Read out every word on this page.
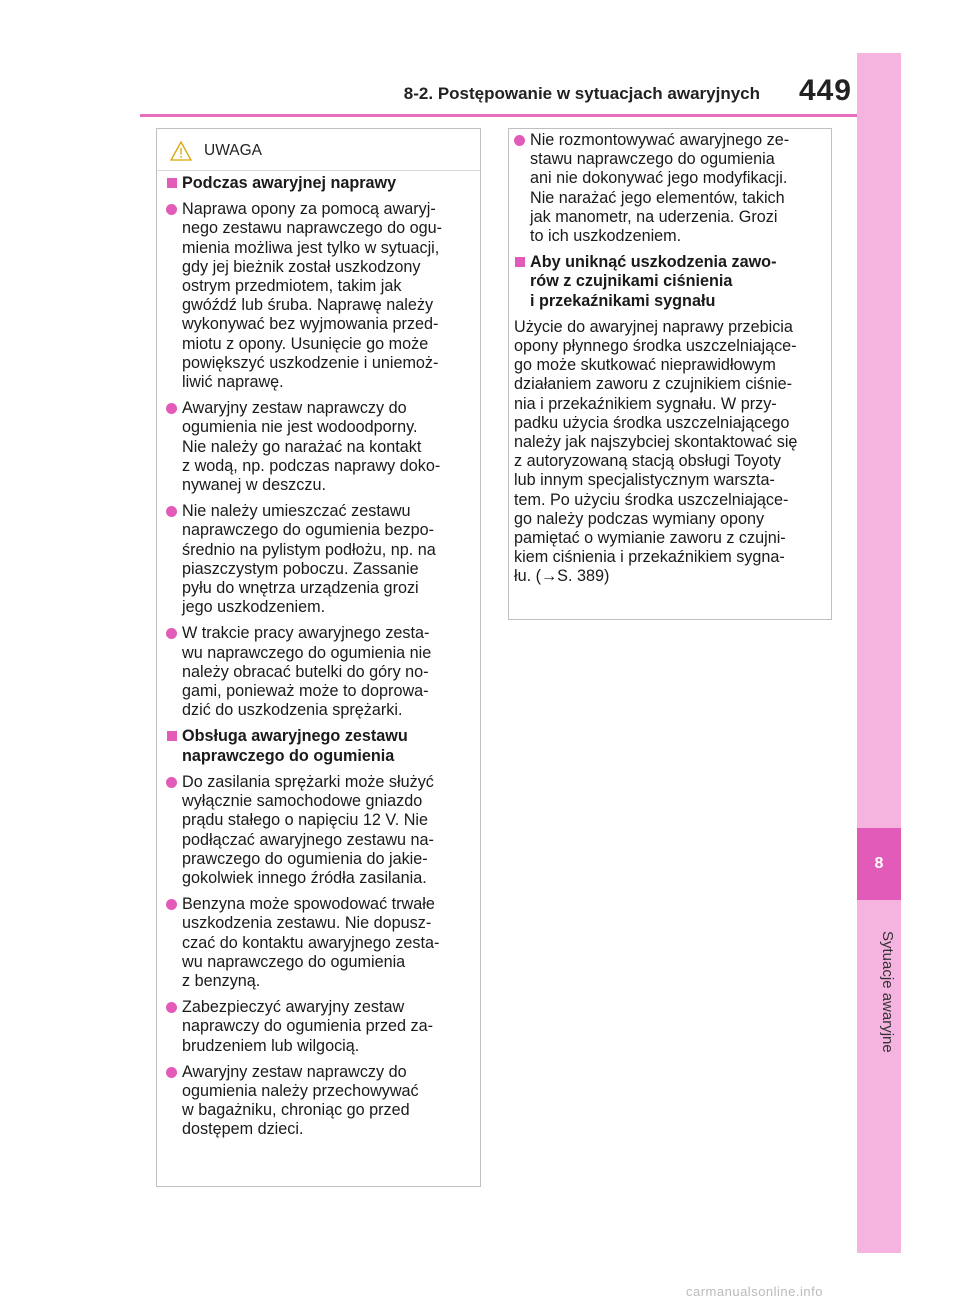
8-2. Postępowanie w sytuacjach awaryjnych	449
8
Sytuacje awaryjne
UWAGA
Podczas awaryjnej naprawy
Naprawa opony za pomocą awaryj-
nego zestawu naprawczego do ogu-
mienia możliwa jest tylko w sytuacji,
gdy jej bieżnik został uszkodzony
ostrym przedmiotem, takim jak
gwóźdź lub śruba. Naprawę należy
wykonywać bez wyjmowania przed-
miotu z opony. Usunięcie go może
powiększyć uszkodzenie i uniemoż-
liwić naprawę.
Awaryjny zestaw naprawczy do
ogumienia nie jest wodoodporny.
Nie należy go narażać na kontakt
z wodą, np. podczas naprawy doko-
nywanej w deszczu.
Nie należy umieszczać zestawu
naprawczego do ogumienia bezpo-
średnio na pylistym podłożu, np. na
piaszczystym poboczu. Zassanie
pyłu do wnętrza urządzenia grozi
jego uszkodzeniem.
W trakcie pracy awaryjnego zesta-
wu naprawczego do ogumienia nie
należy obracać butelki do góry no-
gami, ponieważ może to doprowa-
dzić do uszkodzenia sprężarki.
Obsługa awaryjnego zestawu
naprawczego do ogumienia
Do zasilania sprężarki może służyć
wyłącznie samochodowe gniazdo
prądu stałego o napięciu 12 V. Nie
podłączać awaryjnego zestawu na-
prawczego do ogumienia do jakie-
gokolwiek innego źródła zasilania.
Benzyna może spowodować trwałe
uszkodzenia zestawu. Nie dopusz-
czać do kontaktu awaryjnego zesta-
wu naprawczego do ogumienia
z benzyną.
Zabezpieczyć awaryjny zestaw
naprawczy do ogumienia przed za-
brudzeniem lub wilgocią.
Awaryjny zestaw naprawczy do
ogumienia należy przechowywać
w bagażniku, chroniąc go przed
dostępem dzieci.
Nie rozmontowywać awaryjnego ze-
stawu naprawczego do ogumienia
ani nie dokonywać jego modyfikacji.
Nie narażać jego elementów, takich
jak manometr, na uderzenia. Grozi
to ich uszkodzeniem.
Aby uniknąć uszkodzenia zawo-
rów z czujnikami ciśnienia
i przekaźnikami sygnału
Użycie do awaryjnej naprawy przebicia
opony płynnego środka uszczelniające-
go może skutkować nieprawidłowym
działaniem zaworu z czujnikiem ciśnie-
nia i przekaźnikiem sygnału. W przy-
padku użycia środka uszczelniającego
należy jak najszybciej skontaktować się
z autoryzowaną stacją obsługi Toyoty
lub innym specjalistycznym warszta-
tem. Po użyciu środka uszczelniające-
go należy podczas wymiany opony
pamiętać o wymianie zaworu z czujni-
kiem ciśnienia i przekaźnikiem sygna-
łu. (→S. 389)
carmanualsonline.info
